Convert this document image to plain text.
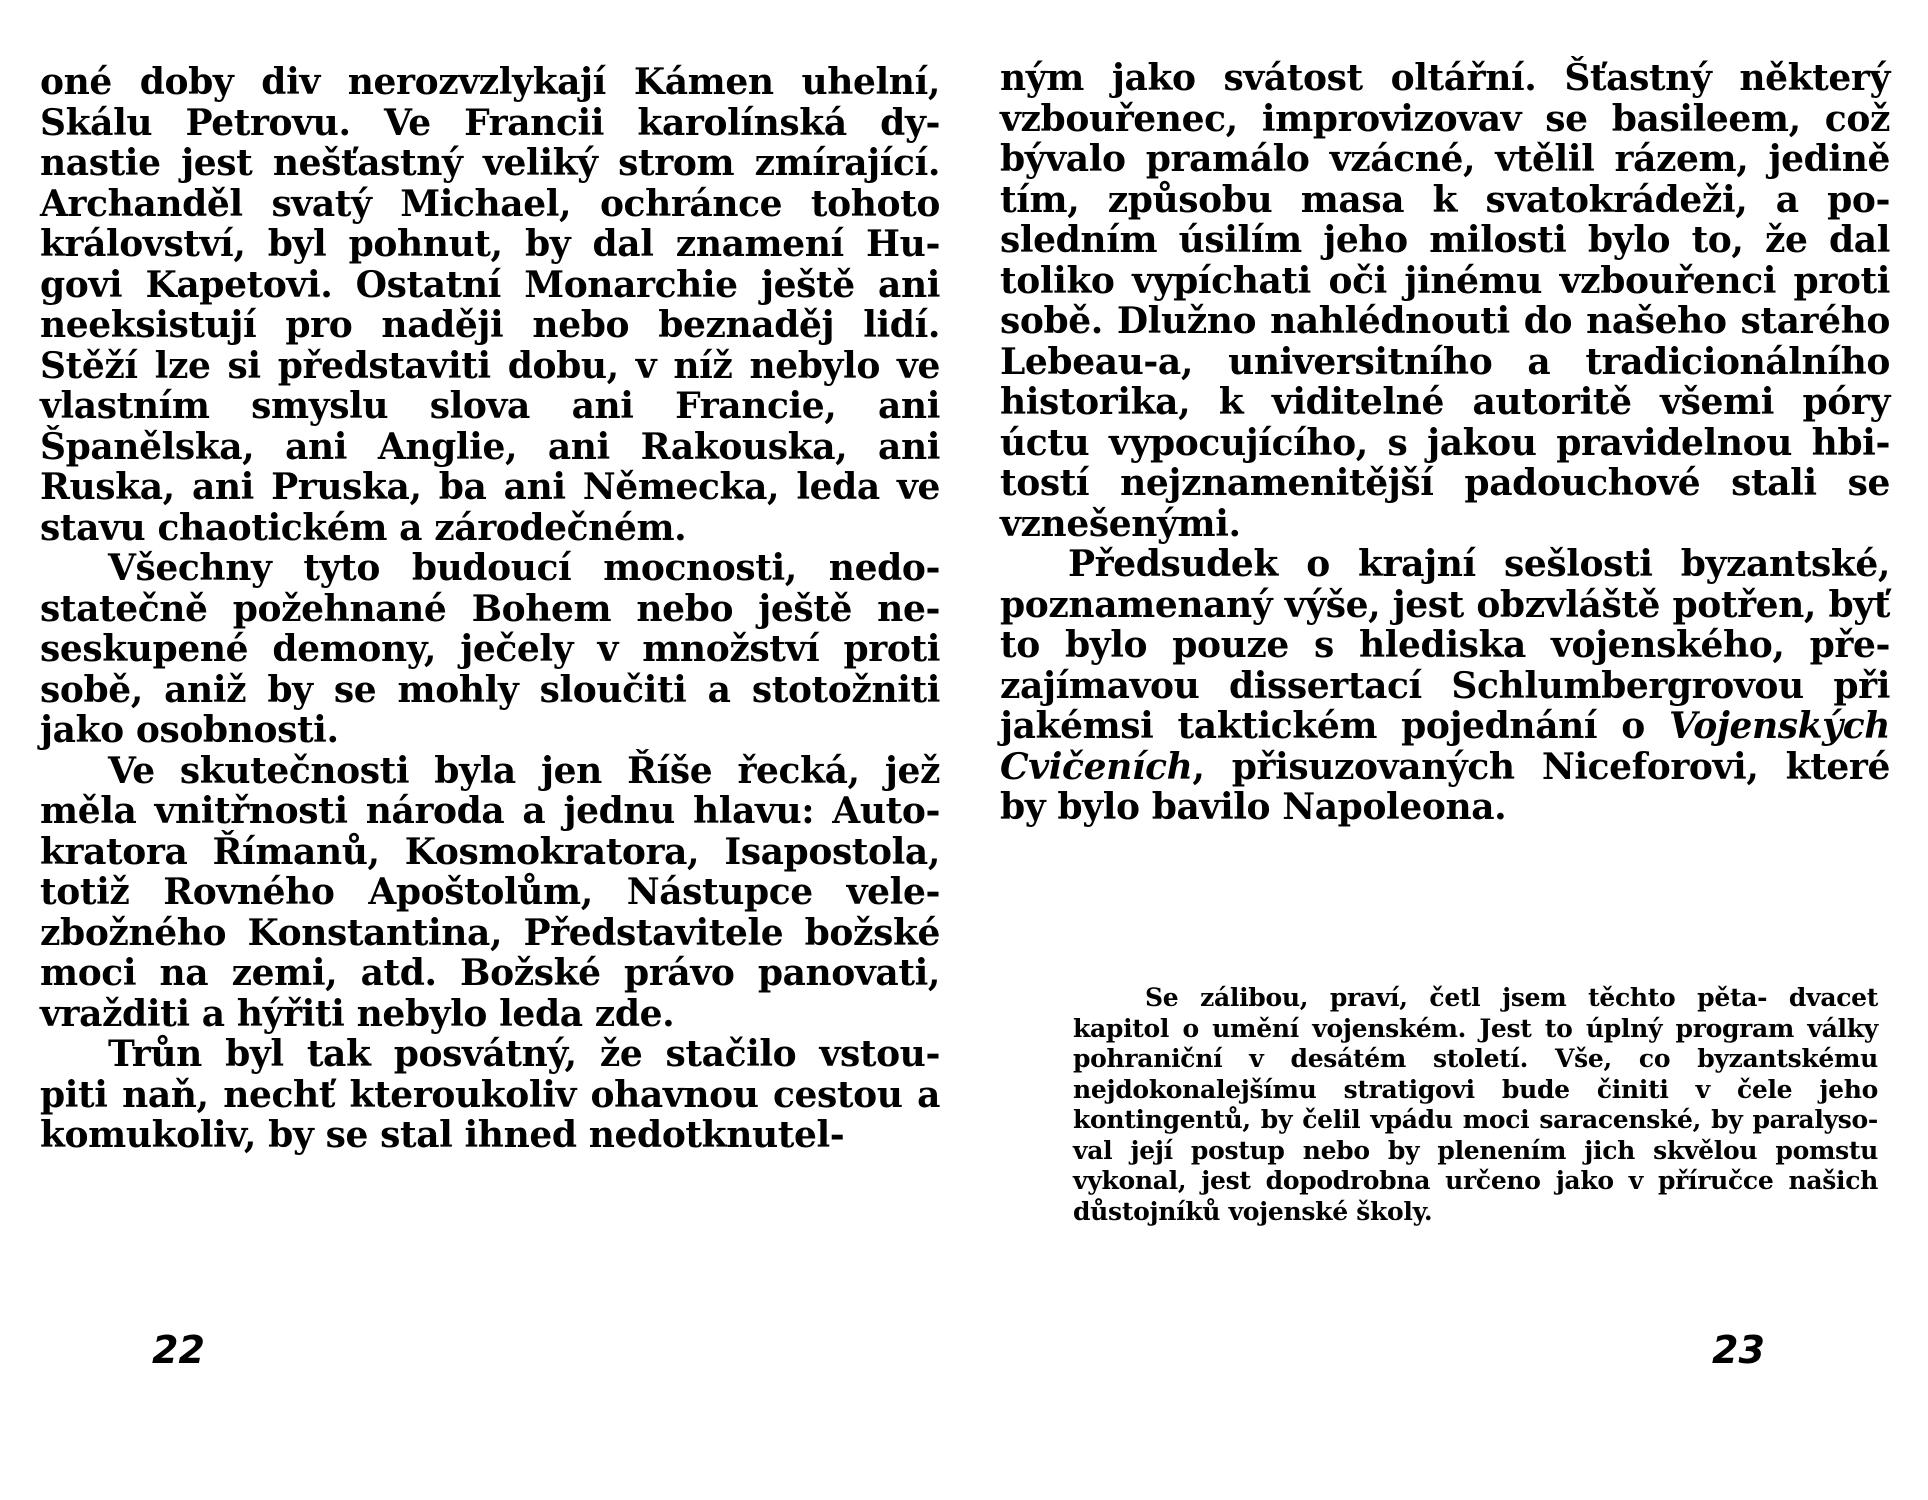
oné doby div nerozvzlykají Kámen uhelní, Skálu Petrovu. Ve Francii karolínská dy- nastie jest nešťastný veliký strom zmírající. Archanděl svatý Michael, ochránce tohoto království, byl pohnut, by dal znamení Hu- govi Kapetovi. Ostatní Monarchie ještě ani neeksistují pro naději nebo beznaděj lidí. Stěží lze si představiti dobu, v níž nebylo ve vlastním smyslu slova ani Francie, ani Španělska, ani Anglie, ani Rakouska, ani Ruska, ani Pruska, ba ani Německa, leda ve stavu chaotickém a zárodečném.

Všechny tyto budoucí mocnosti, nedo- statečně požehnané Bohem nebo ještě ne- seskupené demony, ječely v množství proti sobě, aniž by se mohly sloučiti a stotožniti jako osobnosti.

Ve skutečnosti byla jen Říše řecká, jež měla vnitřnosti národa a jednu hlavu: Auto- kratora Římanů, Kosmokratora, Isapostola, totiž Rovného Apoštolům, Nástupce vele- zbožného Konstantina, Představitele božské moci na zemi, atd. Božské právo panovati, vražditi a hýřiti nebylo leda zde.

Trůn byl tak posvátný, že stačilo vstou- piti naň, nechť kteroukoliv ohavnou cestou a komukoliv, by se stal ihned nedotknutel-

22

ným jako svátost oltářní. Šťastný některý vzbouřenec, improvizovav se basileem, což bývalo pramálo vzácné, vtělil rázem, jedině tím, způsobu masa k svatokrádeži, a po- sledním úsilím jeho milosti bylo to, že dal toliko vypíchati oči jinému vzbouřenci proti sobě. Dlužno nahlédnouti do našeho starého Lebeau-a, universitního a tradicionálního historika, k viditelné autoritě všemi póry úctu vypocujícího, s jakou pravidelnou hbi- tostí nejznamenitější padouchové stali se vznešenými.

Předsudek o krajní sešlosti byzantské, poznamenaný výše, jest obzvláště potřen, byť to bylo pouze s hlediska vojenského, pře- zajímavou dissertací Schlumbergrovou při jakémsi taktickém pojednání o Vojenských Cvičeních, přisuzovaných Niceforovi, které by bylo bavilo Napoleona.

Se zálibou, praví, četl jsem těchto pěta- dvacet kapitol o umění vojenském. Jest to úplný program války pohraniční v desátém století. Vše, co byzantskému nejdokonalejšímu stratigovi bude činiti v čele jeho kontingentů, by čelil vpádu moci saracenské, by paralyso- val její postup nebo by plenením jich skvělou pomstu vykonal, jest dopodrobna určeno jako v příručce našich důstojníků vojenské školy.

23
